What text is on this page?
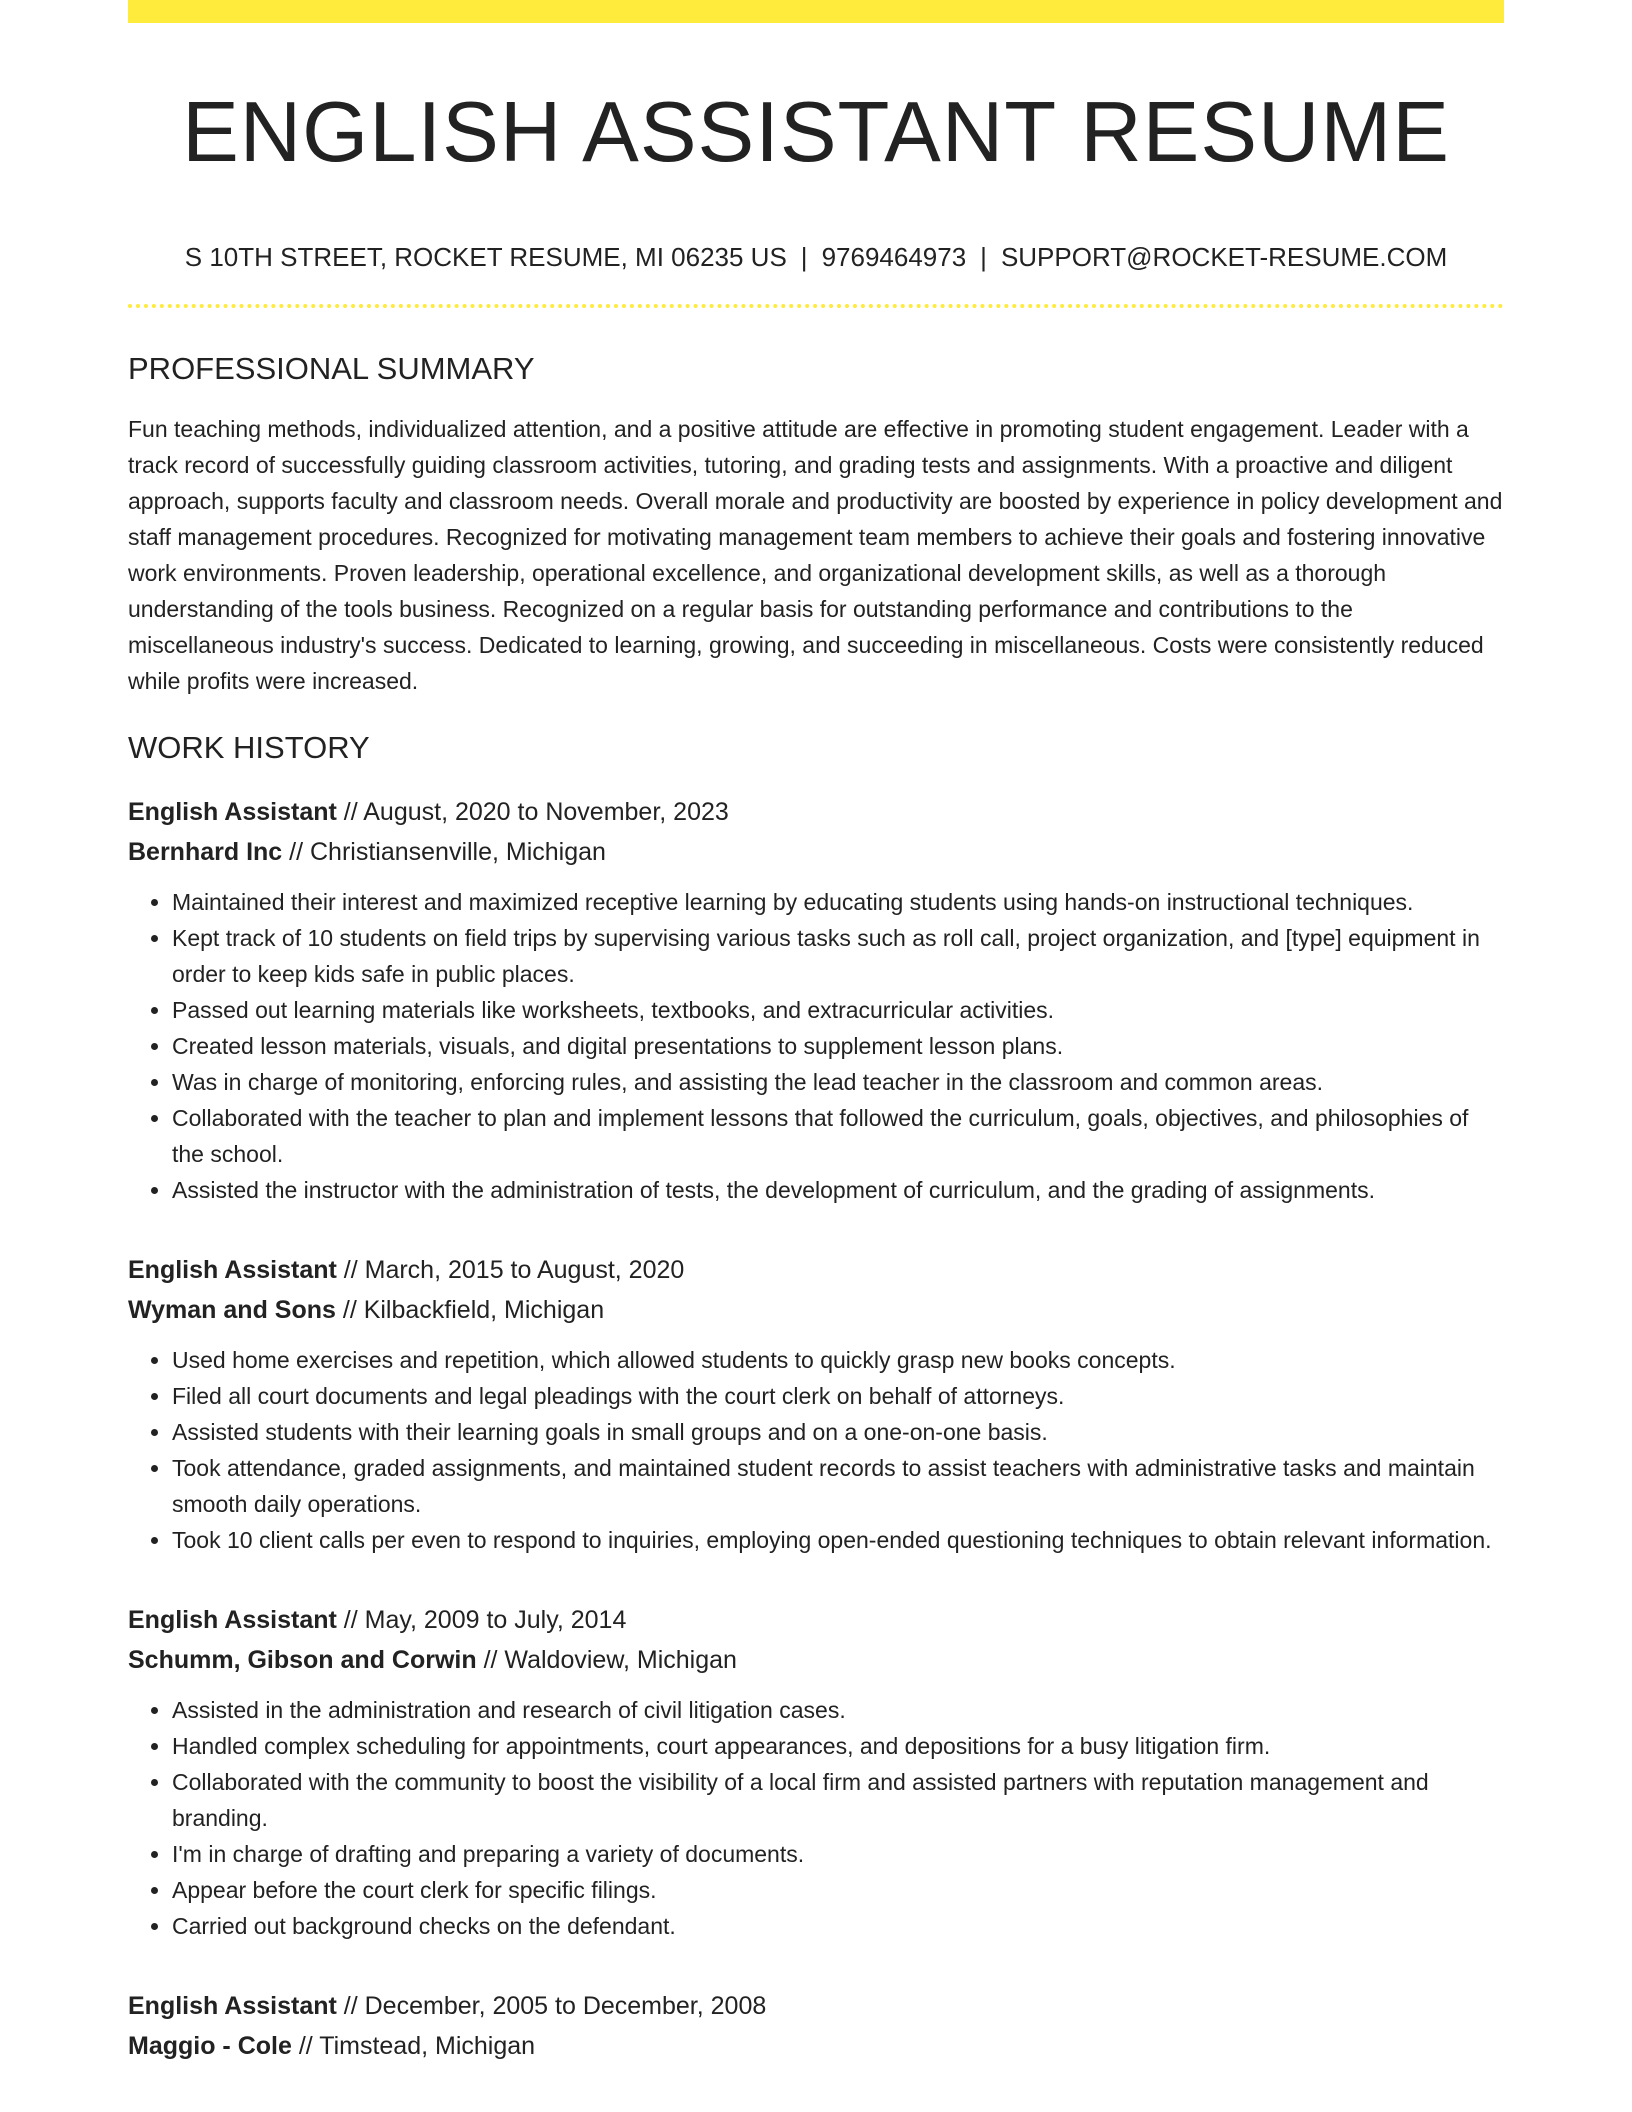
ENGLISH ASSISTANT RESUME
S 10TH STREET, ROCKET RESUME, MI 06235 US | 9769464973 | SUPPORT@ROCKET-RESUME.COM
PROFESSIONAL SUMMARY

Fun teaching methods, individualized attention, and a positive attitude are effective in promoting student engagement. Leader with a track record of successfully guiding classroom activities, tutoring, and grading tests and assignments. With a proactive and diligent approach, supports faculty and classroom needs. Overall morale and productivity are boosted by experience in policy development and staff management procedures. Recognized for motivating management team members to achieve their goals and fostering innovative work environments. Proven leadership, operational excellence, and organizational development skills, as well as a thorough understanding of the tools business. Recognized on a regular basis for outstanding performance and contributions to the miscellaneous industry's success. Dedicated to learning, growing, and succeeding in miscellaneous. Costs were consistently reduced while profits were increased.

WORK HISTORY
English Assistant // August, 2020 to November, 2023
Bernhard Inc // Christiansenville, Michigan
• Maintained their interest and maximized receptive learning by educating students using hands-on instructional techniques.
• Kept track of 10 students on field trips by supervising various tasks such as roll call, project organization, and [type] equipment in order to keep kids safe in public places.
• Passed out learning materials like worksheets, textbooks, and extracurricular activities.
• Created lesson materials, visuals, and digital presentations to supplement lesson plans.
• Was in charge of monitoring, enforcing rules, and assisting the lead teacher in the classroom and common areas.
• Collaborated with the teacher to plan and implement lessons that followed the curriculum, goals, objectives, and philosophies of the school.
• Assisted the instructor with the administration of tests, the development of curriculum, and the grading of assignments.
English Assistant // March, 2015 to August, 2020
Wyman and Sons // Kilbackfield, Michigan
• Used home exercises and repetition, which allowed students to quickly grasp new books concepts.
• Filed all court documents and legal pleadings with the court clerk on behalf of attorneys.
• Assisted students with their learning goals in small groups and on a one-on-one basis.
• Took attendance, graded assignments, and maintained student records to assist teachers with administrative tasks and maintain smooth daily operations.
• Took 10 client calls per even to respond to inquiries, employing open-ended questioning techniques to obtain relevant information.
English Assistant // May, 2009 to July, 2014
Schumm, Gibson and Corwin // Waldoview, Michigan
• Assisted in the administration and research of civil litigation cases.
• Handled complex scheduling for appointments, court appearances, and depositions for a busy litigation firm.
• Collaborated with the community to boost the visibility of a local firm and assisted partners with reputation management and branding.
• I'm in charge of drafting and preparing a variety of documents.
• Appear before the court clerk for specific filings.
• Carried out background checks on the defendant.
English Assistant // December, 2005 to December, 2008
Maggio - Cole // Timstead, Michigan
